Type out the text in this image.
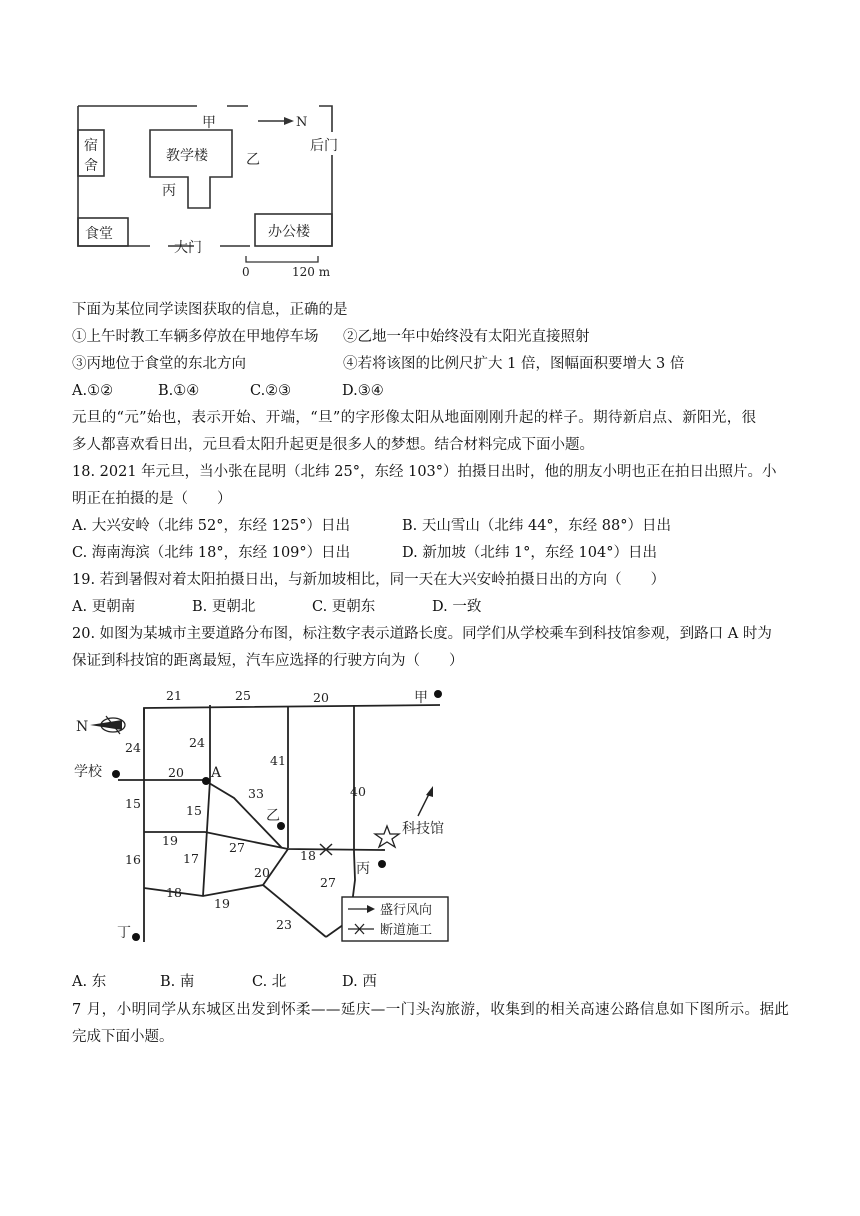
甲	N
宿
舍
教学楼	乙
丙
后门
食堂
大门
办公楼
0	120 m
下面为某位同学读图获取的信息，正确的是
①上午时教工车辆多停放在甲地停车场 ②乙地一年中始终没有太阳光直接照射
③丙地位于食堂的东北方向	④若将该图的比例尺扩大 1 倍，图幅面积要增大 3 倍
A.①②	B.①④	C.②③	D.③④
元旦的“元”始也，表示开始、开端，“旦”的字形像太阳从地面刚刚升起的样子。期待新启点、新阳光，很
多人都喜欢看日出，元旦看太阳升起更是很多人的梦想。结合材料完成下面小题。
18. 2021 年元旦，当小张在昆明（北纬 25°，东经 103°）拍摄日出时，他的朋友小明也正在拍日出照片。小
明正在拍摄的是（　　）
A. 大兴安岭（北纬 52°，东经 125°）日出	B. 天山雪山（北纬 44°，东经 88°）日出
C. 海南海滨（北纬 18°，东经 109°）日出	D. 新加坡（北纬 1°，东经 104°）日出
19. 若到暑假对着太阳拍摄日出，与新加坡相比，同一天在大兴安岭拍摄日出的方向（　　）
A. 更朝南	B. 更朝北	C. 更朝东	D. 一致
20. 如图为某城市主要道路分布图，标注数字表示道路长度。同学们从学校乘车到科技馆参观，到路口 A 时为
保证到科技馆的距离最短，汽车应选择的行驶方向为（　　）
N
学校
甲
A
乙
科技馆
丙
丁
21	25	20
24	24
41
40
20
33
15	15
19	27
18
16	17
20
27
18
19
23
盛行风向
断道施工
A. 东	B. 南	C. 北	D. 西
7 月，小明同学从东城区出发到怀柔——延庆—一门头沟旅游，收集到的相关高速公路信息如下图所示。据此
完成下面小题。
